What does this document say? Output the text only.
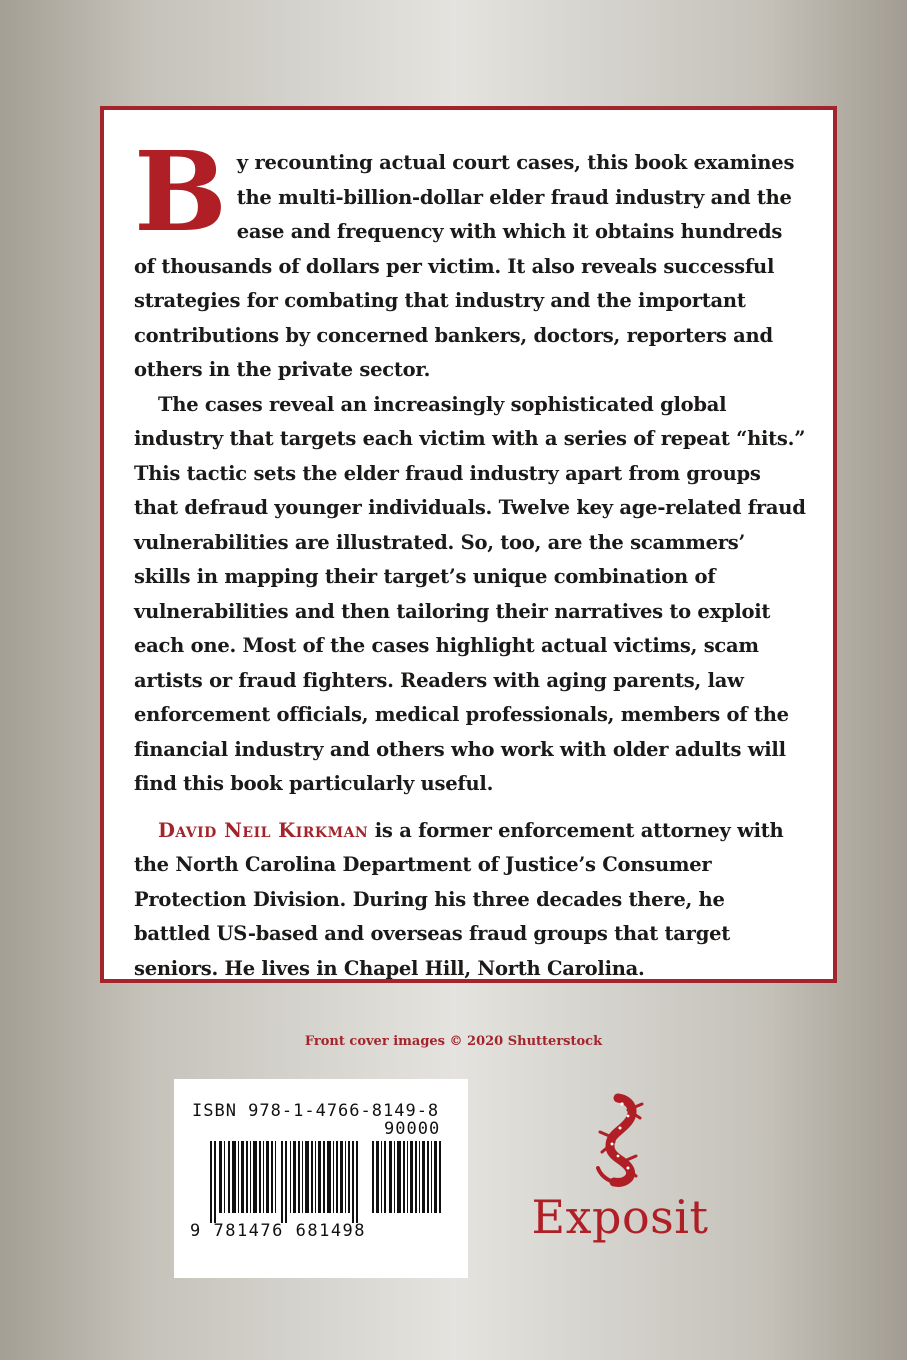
By recounting actual court cases, this book examines the multi-billion-dollar elder fraud industry and the ease and frequency with which it obtains hundreds of thousands of dollars per victim. It also reveals successful strategies for combating that industry and the important contributions by concerned bankers, doctors, reporters and others in the private sector.

The cases reveal an increasingly sophisticated global industry that targets each victim with a series of repeat “hits.” This tactic sets the elder fraud industry apart from groups that defraud younger individuals. Twelve key age-related fraud vulnerabilities are illustrated. So, too, are the scammers’ skills in mapping their target’s unique combination of vulnerabilities and then tailoring their narratives to exploit each one. Most of the cases highlight actual victims, scam artists or fraud fighters. Readers with aging parents, law enforcement officials, medical professionals, members of the financial industry and others who work with older adults will find this book particularly useful.

David Neil Kirkman is a former enforcement attorney with the North Carolina Department of Justice’s Consumer Protection Division. During his three decades there, he battled US-based and overseas fraud groups that target seniors. He lives in Chapel Hill, North Carolina.

Front cover images © 2020 Shutterstock
ISBN 978-1-4766-8149-8
90000
9 781476 681498	Exposit
